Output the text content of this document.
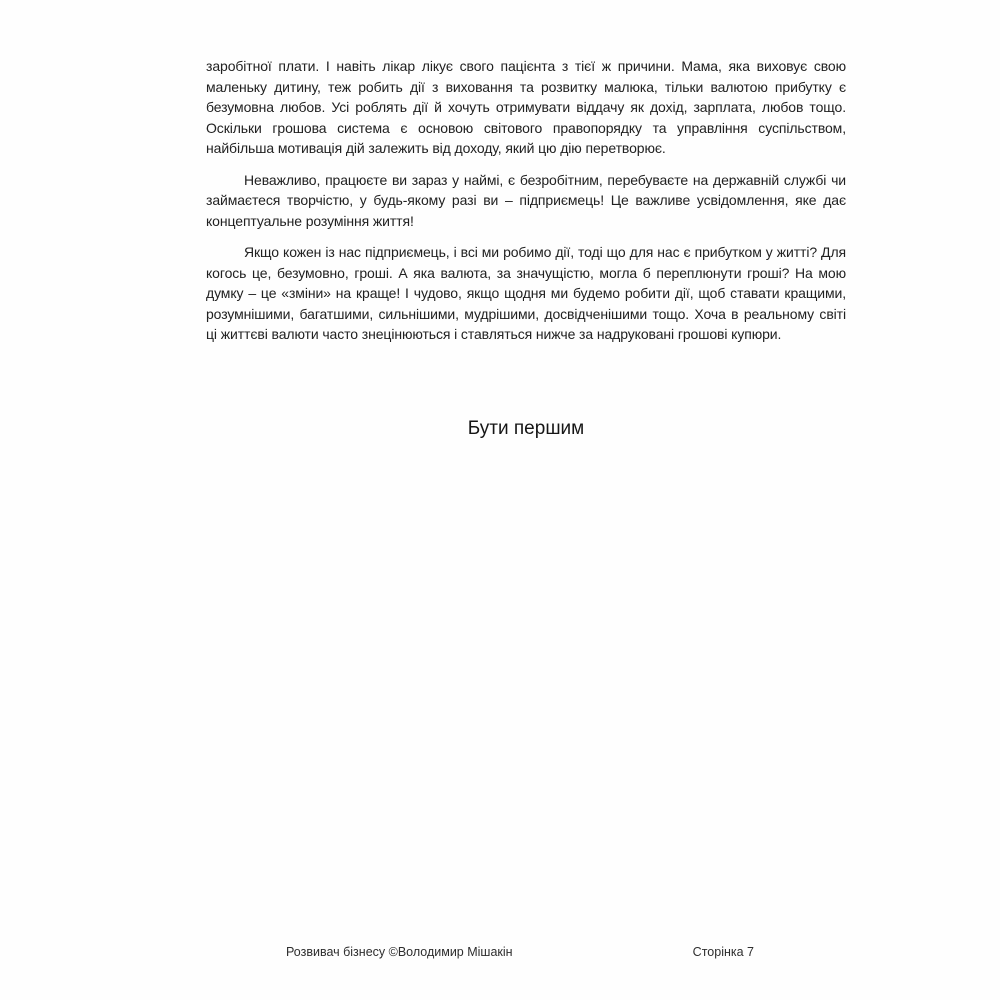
заробітної плати. І навіть лікар лікує свого пацієнта з тієї ж причини. Мама, яка виховує свою маленьку дитину, теж робить дії з виховання та розвитку малюка, тільки валютою прибутку є безумовна любов. Усі роблять дії й хочуть отримувати віддачу як дохід, зарплата, любов тощо. Оскільки грошова система є основою світового правопорядку та управління суспільством, найбільша мотивація дій залежить від доходу, який цю дію перетворює.

Неважливо, працюєте ви зараз у наймі, є безробітним, перебуваєте на державній службі чи займаєтеся творчістю, у будь-якому разі ви – підприємець! Це важливе усвідомлення, яке дає концептуальне розуміння життя!

Якщо кожен із нас підприємець, і всі ми робимо дії, тоді що для нас є прибутком у житті? Для когось це, безумовно, гроші. А яка валюта, за значущістю, могла б переплюнути гроші? На мою думку – це «зміни» на краще! І чудово, якщо щодня ми будемо робити дії, щоб ставати кращими, розумнішими, багатшими, сильнішими, мудрішими, досвідченішими тощо. Хоча в реальному світі ці життєві валюти часто знецінюються і ставляться нижче за надруковані грошові купюри.

Бути першим
Розвивач бізнесу ©Володимир Мішакін	Сторінка 7
